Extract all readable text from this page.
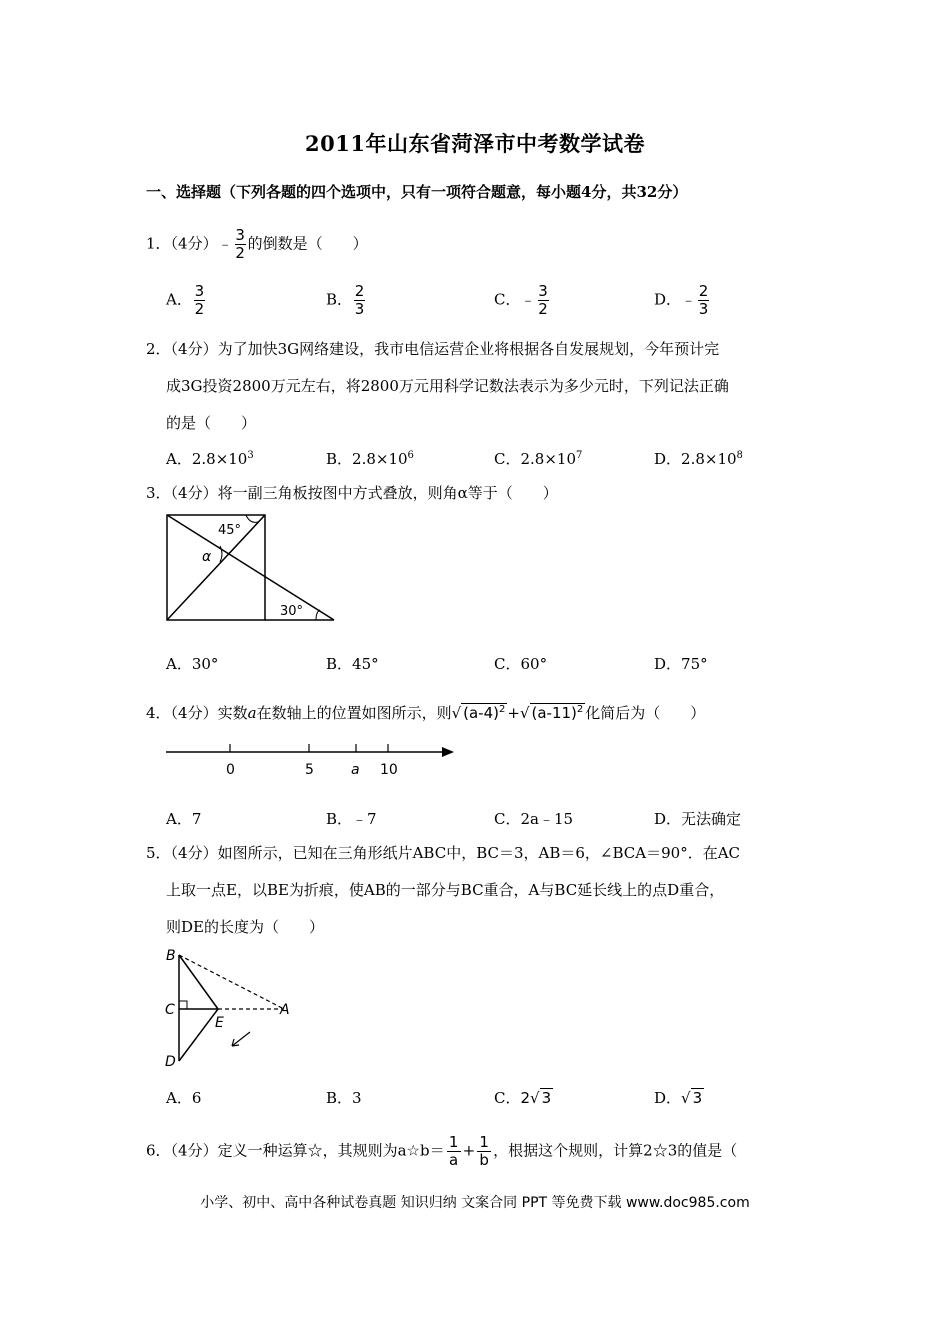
2011年山东省菏泽市中考数学试卷
一、选择题（下列各题的四个选项中，只有一项符合题意，每小题4分，共32分）
1．（4分）﹣ $\frac{3}{2}$ 的倒数是（　　）
A． $\frac{3}{2}$	B． $\frac{2}{3}$	C．﹣ $\frac{3}{2}$	D．﹣ $\frac{2}{3}$
2．（4分）为了加快3G网络建设，我市电信运营企业将根据各自发展规划，今年预计完
成3G投资2800万元左右，将2800万元用科学记数法表示为多少元时，下列记法正确
的是（　　）
A．$2.8\times 10^3$	B．$2.8\times 10^6$	C．$2.8\times 10^7$	D．$2.8\times 10^8$
3．（4分）将一副三角板按图中方式叠放，则角α等于（　　）
45°
α
30°
A．30°	B．45°	C．60°	D．75°
4．（4分）实数a在数轴上的位置如图所示，则√ $(a-4)^2$ +√ $(a-11)^2$ 化简后为（　　）
0	5	a 10
A．7	B．﹣7	C．2a﹣15	D．无法确定
5．（4分）如图所示，已知在三角形纸片ABC中，BC＝3，AB＝6，∠BCA＝90°．在AC
上取一点E，以BE为折痕，使AB的一部分与BC重合，A与BC延长线上的点D重合，
则DE的长度为（　　）
B
C
E
A
D
A．6	B．3	C．2√ 3	D．√ 3
6．（4分）定义一种运算☆，其规则为a☆b＝ $\frac{1}{a} + \frac{1}{b}$ ，根据这个规则，计算2☆3的值是（
小学、初中、高中各种试卷真题 知识归纳 文案合同 PPT 等免费下载 www.doc985.com
